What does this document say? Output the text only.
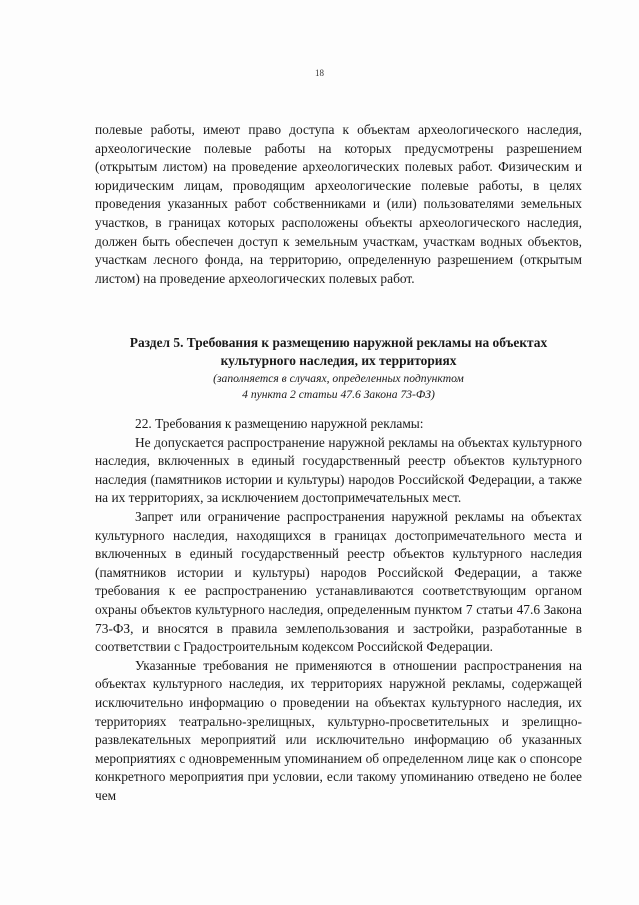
18

полевые работы, имеют право доступа к объектам археологического наследия, археологические полевые работы на которых предусмотрены разрешением (открытым листом) на проведение археологических полевых работ. Физическим и юридическим лицам, проводящим археологические полевые работы, в целях проведения указанных работ собственниками и (или) пользователями земельных участков, в границах которых расположены объекты археологического наследия, должен быть обеспечен доступ к земельным участкам, участкам водных объектов, участкам лесного фонда, на территорию, определенную разрешением (открытым листом) на проведение археологических полевых работ.

Раздел 5. Требования к размещению наружной рекламы на объектах
культурного наследия, их территориях
(заполняется в случаях, определенных подпунктом
4 пункта 2 статьи 47.6 Закона 73-ФЗ)

22. Требования к размещению наружной рекламы:

Не допускается распространение наружной рекламы на объектах культурного наследия, включенных в единый государственный реестр объектов культурного наследия (памятников истории и культуры) народов Российской Федерации, а также на их территориях, за исключением достопримечательных мест.

Запрет или ограничение распространения наружной рекламы на объектах культурного наследия, находящихся в границах достопримечательного места и включенных в единый государственный реестр объектов культурного наследия (памятников истории и культуры) народов Российской Федерации, а также требования к ее распространению устанавливаются соответствующим органом охраны объектов культурного наследия, определенным пунктом 7 статьи 47.6 Закона 73-ФЗ, и вносятся в правила землепользования и застройки, разработанные в соответствии с Градостроительным кодексом Российской Федерации.

Указанные требования не применяются в отношении распространения на объектах культурного наследия, их территориях наружной рекламы, содержащей исключительно информацию о проведении на объектах культурного наследия, их территориях театрально-зрелищных, культурно-просветительных и зрелищно-развлекательных мероприятий или исключительно информацию об указанных мероприятиях с одновременным упоминанием об определенном лице как о спонсоре конкретного мероприятия при условии, если такому упоминанию отведено не более чем
